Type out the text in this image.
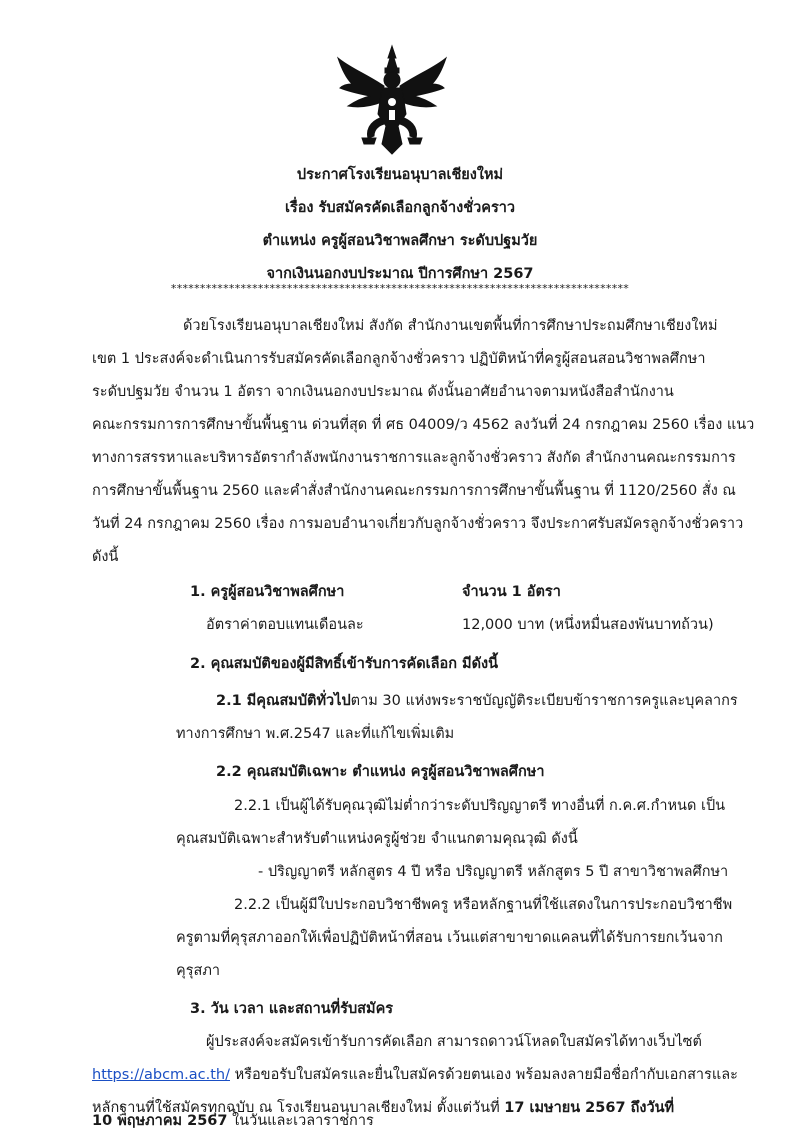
ประกาศโรงเรียนอนุบาลเชียงใหม่
เรื่อง รับสมัครคัดเลือกลูกจ้างชั่วคราว
ตำแหน่ง ครูผู้สอนวิชาพลศึกษา ระดับปฐมวัย
จากเงินนอกงบประมาณ ปีการศึกษา 2567
*******************************************************************************
ด้วยโรงเรียนอนุบาลเชียงใหม่ สังกัด สำนักงานเขตพื้นที่การศึกษาประถมศึกษาเชียงใหม่
เขต 1 ประสงค์จะดำเนินการรับสมัครคัดเลือกลูกจ้างชั่วคราว ปฏิบัติหน้าที่ครูผู้สอนสอนวิชาพลศึกษา
ระดับปฐมวัย จำนวน 1 อัตรา จากเงินนอกงบประมาณ ดังนั้นอาศัยอำนาจตามหนังสือสำนักงาน
คณะกรรมการการศึกษาขั้นพื้นฐาน ด่วนที่สุด ที่ ศธ 04009/ว 4562 ลงวันที่ 24 กรกฎาคม 2560 เรื่อง แนว
ทางการสรรหาและบริหารอัตรากำลังพนักงานราชการและลูกจ้างชั่วคราว สังกัด สำนักงานคณะกรรมการ
การศึกษาขั้นพื้นฐาน 2560 และคำสั่งสำนักงานคณะกรรมการการศึกษาขั้นพื้นฐาน ที่ 1120/2560 สั่ง ณ
วันที่ 24 กรกฎาคม 2560 เรื่อง การมอบอำนาจเกี่ยวกับลูกจ้างชั่วคราว จึงประกาศรับสมัครลูกจ้างชั่วคราว
ดังนี้
1. ครูผู้สอนวิชาพลศึกษา	จำนวน 1 อัตรา
อัตราค่าตอบแทนเดือนละ	12,000 บาท (หนึ่งหมื่นสองพันบาทถ้วน)
2. คุณสมบัติของผู้มีสิทธิ์เข้ารับการคัดเลือก มีดังนี้
2.1 มีคุณสมบัติทั่วไปตาม 30 แห่งพระราชบัญญัติระเบียบข้าราชการครูและบุคลากร
ทางการศึกษา พ.ศ.2547 และที่แก้ไขเพิ่มเติม
2.2 คุณสมบัติเฉพาะ ตำแหน่ง ครูผู้สอนวิชาพลศึกษา
2.2.1 เป็นผู้ได้รับคุณวุฒิไม่ต่ำกว่าระดับปริญญาตรี ทางอื่นที่ ก.ค.ศ.กำหนด เป็น
คุณสมบัติเฉพาะสำหรับตำแหน่งครูผู้ช่วย จำแนกตามคุณวุฒิ ดังนี้
- ปริญญาตรี หลักสูตร 4 ปี หรือ ปริญญาตรี หลักสูตร 5 ปี สาขาวิชาพลศึกษา
2.2.2 เป็นผู้มีใบประกอบวิชาชีพครู หรือหลักฐานที่ใช้แสดงในการประกอบวิชาชีพ
ครูตามที่คุรุสภาออกให้เพื่อปฏิบัติหน้าที่สอน เว้นแต่สาขาขาดแคลนที่ได้รับการยกเว้นจาก
คุรุสภา
3. วัน เวลา และสถานที่รับสมัคร
ผู้ประสงค์จะสมัครเข้ารับการคัดเลือก สามารถดาวน์โหลดใบสมัครได้ทางเว็บไซต์
https://abcm.ac.th/ หรือขอรับใบสมัครและยื่นใบสมัครด้วยตนเอง พร้อมลงลายมือชื่อกำกับเอกสารและ
หลักฐานที่ใช้สมัครทุกฉบับ ณ โรงเรียนอนุบาลเชียงใหม่ ตั้งแต่วันที่ 17 เมษายน 2567 ถึงวันที่
10 พฤษภาคม 2567 ในวันและเวลาราชการ
